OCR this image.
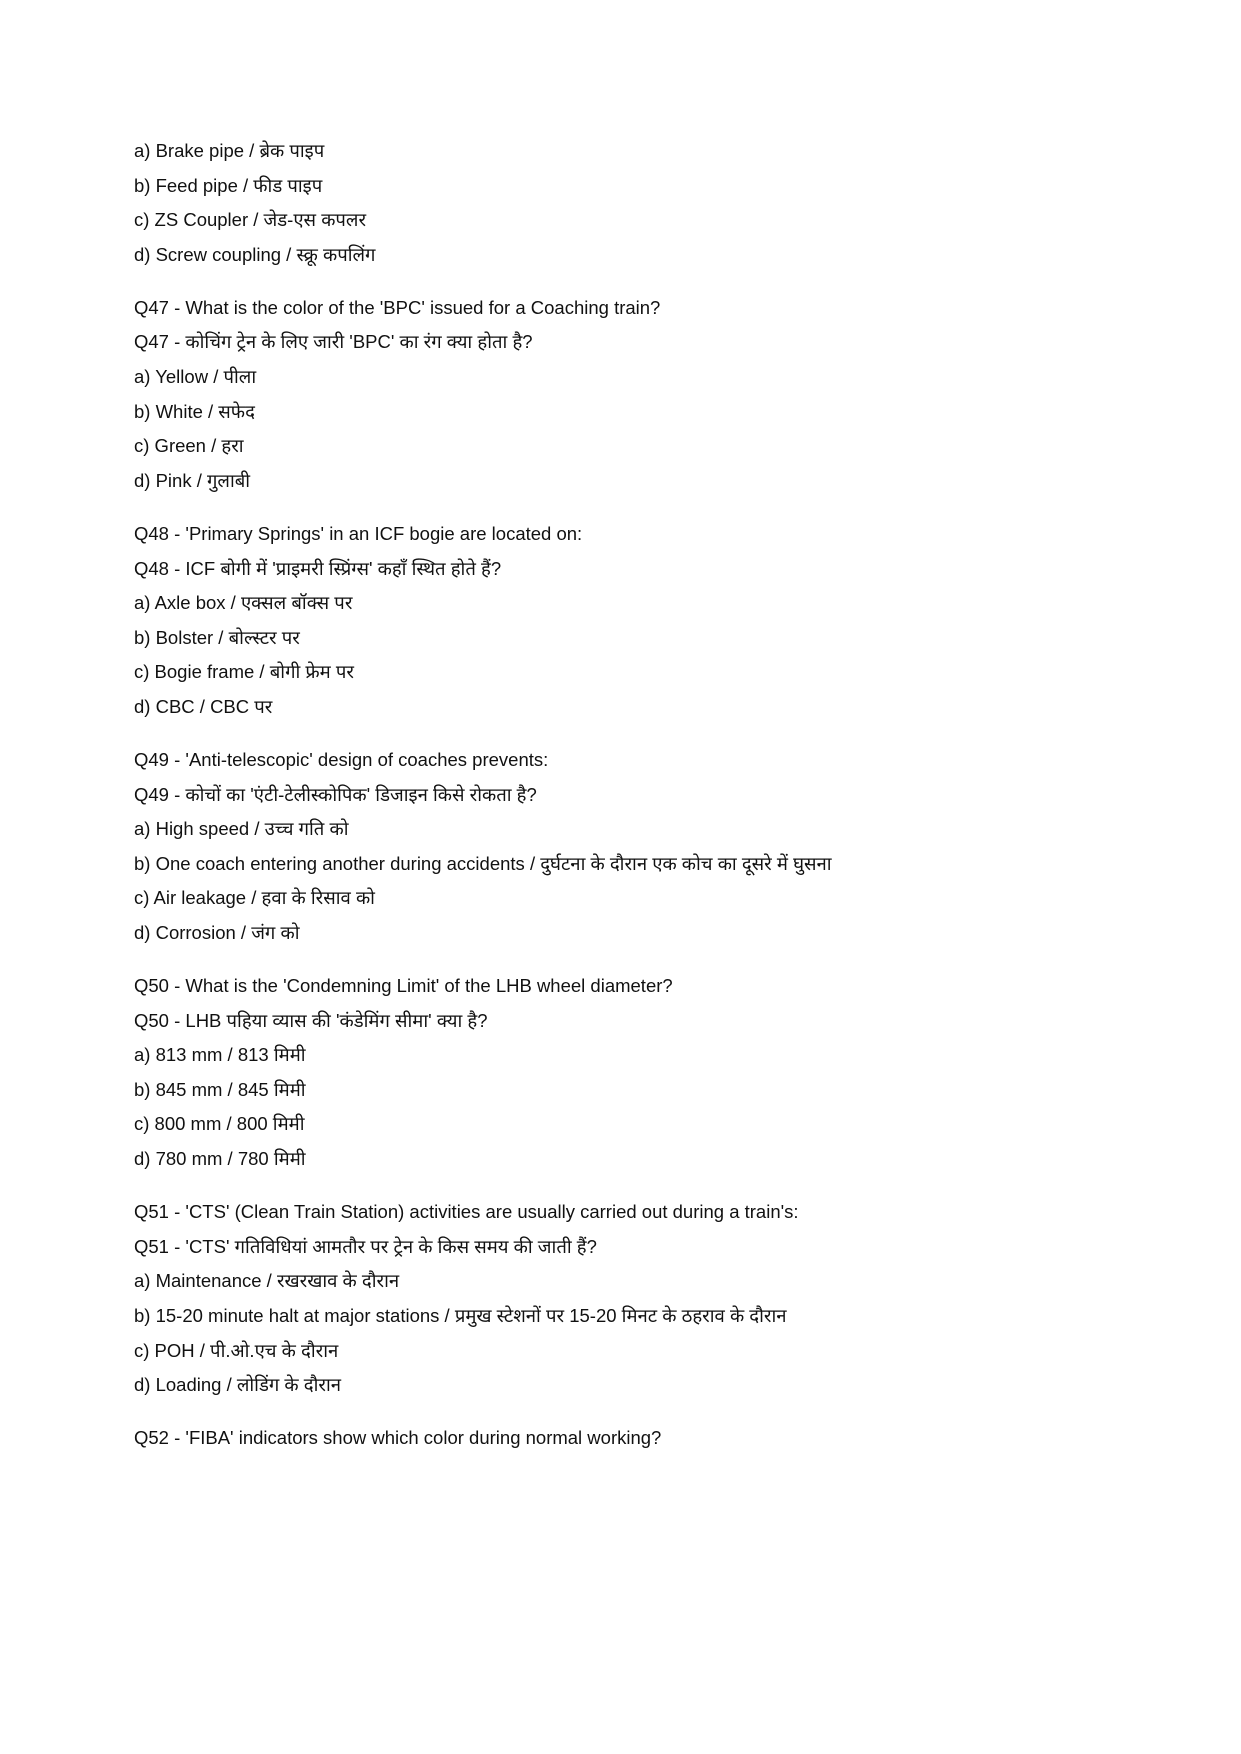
a) Brake pipe / ब्रेक पाइप
b) Feed pipe / फीड पाइप
c) ZS Coupler / जेड-एस कपलर
d) Screw coupling / स्क्रू कपलिंग
Q47 - What is the color of the 'BPC' issued for a Coaching train?
Q47 - कोचिंग ट्रेन के लिए जारी 'BPC' का रंग क्या होता है?
a) Yellow / पीला
b) White / सफेद
c) Green / हरा
d) Pink / गुलाबी
Q48 - 'Primary Springs' in an ICF bogie are located on:
Q48 - ICF बोगी में 'प्राइमरी स्प्रिंग्स' कहाँ स्थित होते हैं?
a) Axle box / एक्सल बॉक्स पर
b) Bolster / बोल्स्टर पर
c) Bogie frame / बोगी फ्रेम पर
d) CBC / CBC पर
Q49 - 'Anti-telescopic' design of coaches prevents:
Q49 - कोचों का 'एंटी-टेलीस्कोपिक' डिजाइन किसे रोकता है?
a) High speed / उच्च गति को
b) One coach entering another during accidents / दुर्घटना के दौरान एक कोच का दूसरे में घुसना
c) Air leakage / हवा के रिसाव को
d) Corrosion / जंग को
Q50 - What is the 'Condemning Limit' of the LHB wheel diameter?
Q50 - LHB पहिया व्यास की 'कंडेमिंग सीमा' क्या है?
a) 813 mm / 813 मिमी
b) 845 mm / 845 मिमी
c) 800 mm / 800 मिमी
d) 780 mm / 780 मिमी
Q51 - 'CTS' (Clean Train Station) activities are usually carried out during a train's:
Q51 - 'CTS' गतिविधियां आमतौर पर ट्रेन के किस समय की जाती हैं?
a) Maintenance / रखरखाव के दौरान
b) 15-20 minute halt at major stations / प्रमुख स्टेशनों पर 15-20 मिनट के ठहराव के दौरान
c) POH / पी.ओ.एच के दौरान
d) Loading / लोडिंग के दौरान
Q52 - 'FIBA' indicators show which color during normal working?
